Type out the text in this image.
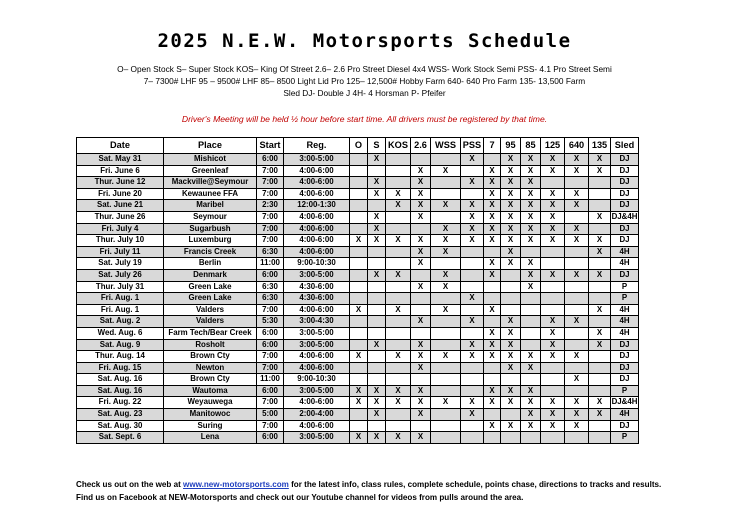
2025 N.E.W. Motorsports Schedule
O– Open Stock S– Super Stock KOS– King Of Street 2.6– 2.6 Pro Street Diesel 4x4 WSS- Work Stock Semi PSS- 4.1 Pro Street Semi
7– 7300# LHF 95 – 9500# LHF 85– 8500 Light Lid Pro 125– 12,500# Hobby Farm 640- 640 Pro Farm 135- 13,500 Farm
Sled DJ- Double J 4H- 4 Horsman P- Pfeifer
Driver's Meeting will be held ½ hour before start time. All drivers must be registered by that time.
Date	Place	Start	Reg.	O	S	KOS	2.6	WSS	PSS	7	95	85	125	640	135	Sled
Sat. May 31	Mishicot	6:00	3:00-5:00		X				X		X	X	X	X	X	DJ
Fri. June 6	Greenleaf	7:00	4:00-6:00				X	X		X	X	X	X	X	X	DJ
Thur. June 12	Mackville@Seymour	7:00	4:00-6:00		X		X		X	X	X	X				DJ
Fri. June 20	Kewaunee FFA	7:00	4:00-6:00		X	X	X			X	X	X	X	X		DJ
Sat. June 21	Maribel	2:30	12:00-1:30			X	X	X	X	X	X	X	X	X		DJ
Thur. June 26	Seymour	7:00	4:00-6:00		X		X		X	X	X	X	X		X	DJ&4H
Fri. July 4	Sugarbush	7:00	4:00-6:00		X			X	X	X	X	X	X	X		DJ
Thur. July 10	Luxemburg	7:00	4:00-6:00	X	X	X	X	X	X	X	X	X	X	X	X	DJ
Fri. July 11	Francis Creek	6:30	4:00-6:00				X	X			X				X	4H
Sat. July 19	Berlin	11:00	9:00-10:30				X			X	X	X				4H
Sat. July 26	Denmark	6:00	3:00-5:00		X	X		X		X		X	X	X	X	DJ
Thur. July 31	Green Lake	6:30	4:30-6:00				X	X				X				P
Fri. Aug. 1	Green Lake	6:30	4:30-6:00						X							P
Fri. Aug. 1	Valders	7:00	4:00-6:00	X		X		X		X					X	4H
Sat. Aug. 2	Valders	5:30	3:00-4:30				X		X		X		X	X		4H
Wed. Aug. 6	Farm Tech/Bear Creek	6:00	3:00-5:00							X	X		X		X	4H
Sat. Aug. 9	Rosholt	6:00	3:00-5:00		X		X		X	X	X		X		X	DJ
Thur. Aug. 14	Brown Cty	7:00	4:00-6:00	X		X	X	X	X	X	X	X	X	X		DJ
Fri. Aug. 15	Newton	7:00	4:00-6:00				X				X	X				DJ
Sat. Aug. 16	Brown Cty	11:00	9:00-10:30											X		DJ
Sat. Aug. 16	Wautoma	6:00	3:00-5:00	X	X	X	X			X	X	X				P
Fri. Aug. 22	Weyauwega	7:00	4:00-6:00	X	X	X	X	X	X	X	X	X	X	X	X	DJ&4H
Sat. Aug. 23	Manitowoc	5:00	2:00-4:00		X		X		X			X	X	X	X	4H
Sat. Aug. 30	Suring	7:00	4:00-6:00							X	X	X	X	X		DJ
Sat. Sept. 6	Lena	6:00	3:00-5:00	X	X	X	X									P
Check us out on the web at www.new-motorsports.com for the latest info, class rules, complete schedule, points chase, directions to tracks and results.
Find us on Facebook at NEW-Motorsports and check out our Youtube channel for videos from pulls around the area.
